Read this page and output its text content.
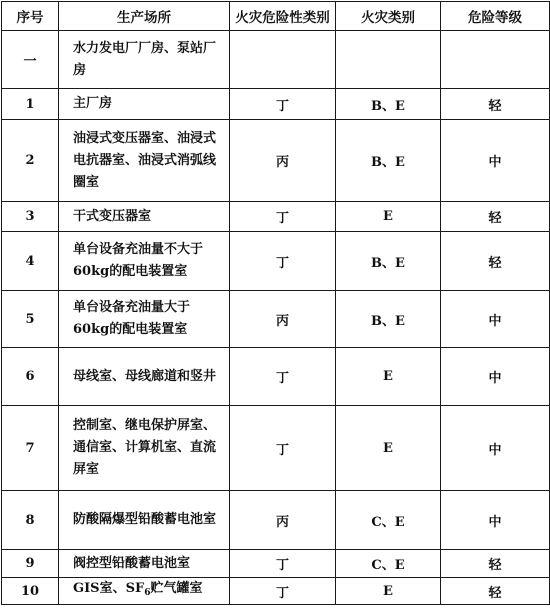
序号	生产场所	火灾危险性类别	火灾类别	危险等级
一	水力发电厂厂房、泵站厂房			
1	主厂房	丁	B、E	轻
2	油浸式变压器室、油浸式电抗器室、油浸式消弧线圈室	丙	B、E	中
3	干式变压器室	丁	E	轻
4	单台设备充油量不大于60kg的配电装置室	丁	B、E	轻
5	单台设备充油量大于60kg的配电装置室	丙	B、E	中
6	母线室、母线廊道和竖井	丁	E	中
7	控制室、继电保护屏室、通信室、计算机室、直流屏室	丁	E	中
8	防酸隔爆型铅酸蓄电池室	丙	C、E	中
9	阀控型铅酸蓄电池室	丁	C、E	轻
10	GIS室、$SF_6$贮气罐室	丁	E	轻
